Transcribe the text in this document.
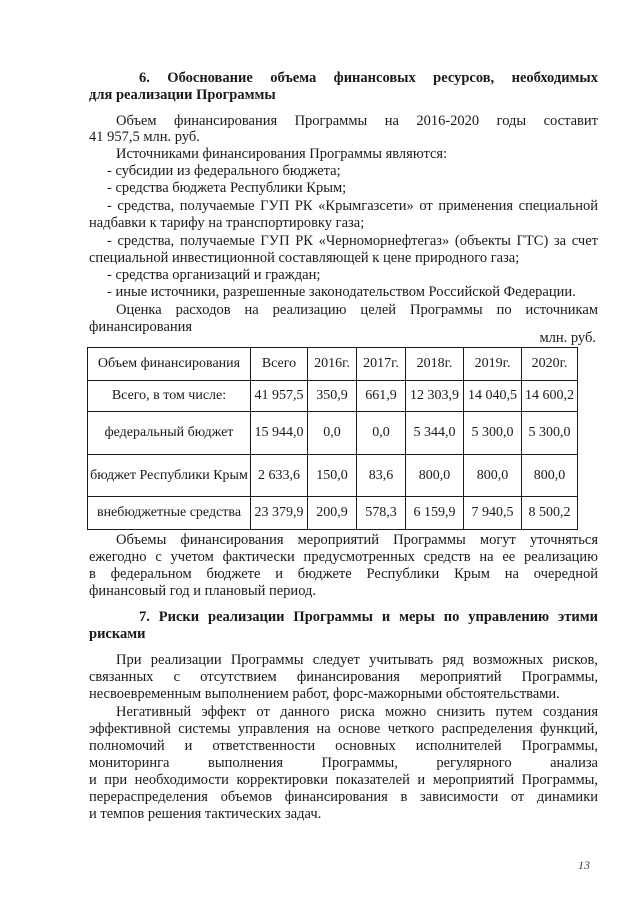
6. Обоснование объема финансовых ресурсов, необходимых
для реализации Программы
Объем финансирования Программы на 2016-2020 годы составит
41 957,5 млн. руб.
Источниками финансирования Программы являются:
- субсидии из федерального бюджета;
- средства бюджета Республики Крым;
- средства, получаемые ГУП РК «Крымгазсети» от применения специальной
надбавки к тарифу на транспортировку газа;
- средства, получаемые ГУП РК «Черноморнефтегаз» (объекты ГТС) за счет
специальной инвестиционной составляющей к цене природного газа;
- средства организаций и граждан;
- иные источники, разрешенные законодательством Российской Федерации.
Оценка расходов на реализацию целей Программы по источникам
финансирования
млн. руб.
Объем финансирования	Всего	2016г.	2017г.	2018г.	2019г.	2020г.
Всего, в том числе:	41 957,5	350,9	661,9	12 303,9	14 040,5	14 600,2
федеральный бюджет	15 944,0	0,0	0,0	5 344,0	5 300,0	5 300,0
бюджет Республики Крым	2 633,6	150,0	83,6	800,0	800,0	800,0
внебюджетные средства	23 379,9	200,9	578,3	6 159,9	7 940,5	8 500,2
Объемы финансирования мероприятий Программы могут уточняться
ежегодно с учетом фактически предусмотренных средств на ее реализацию
в федеральном бюджете и бюджете Республики Крым на очередной
финансовый год и плановый период.
7. Риски реализации Программы и меры по управлению этими
рисками
При реализации Программы следует учитывать ряд возможных рисков,
связанных с отсутствием финансирования мероприятий Программы,
несвоевременным выполнением работ, форс-мажорными обстоятельствами.
Негативный эффект от данного риска можно снизить путем создания
эффективной системы управления на основе четкого распределения функций,
полномочий и ответственности основных исполнителей Программы,
мониторинга выполнения Программы, регулярного анализа
и при необходимости корректировки показателей и мероприятий Программы,
перераспределения объемов финансирования в зависимости от динамики
и темпов решения тактических задач.
13
